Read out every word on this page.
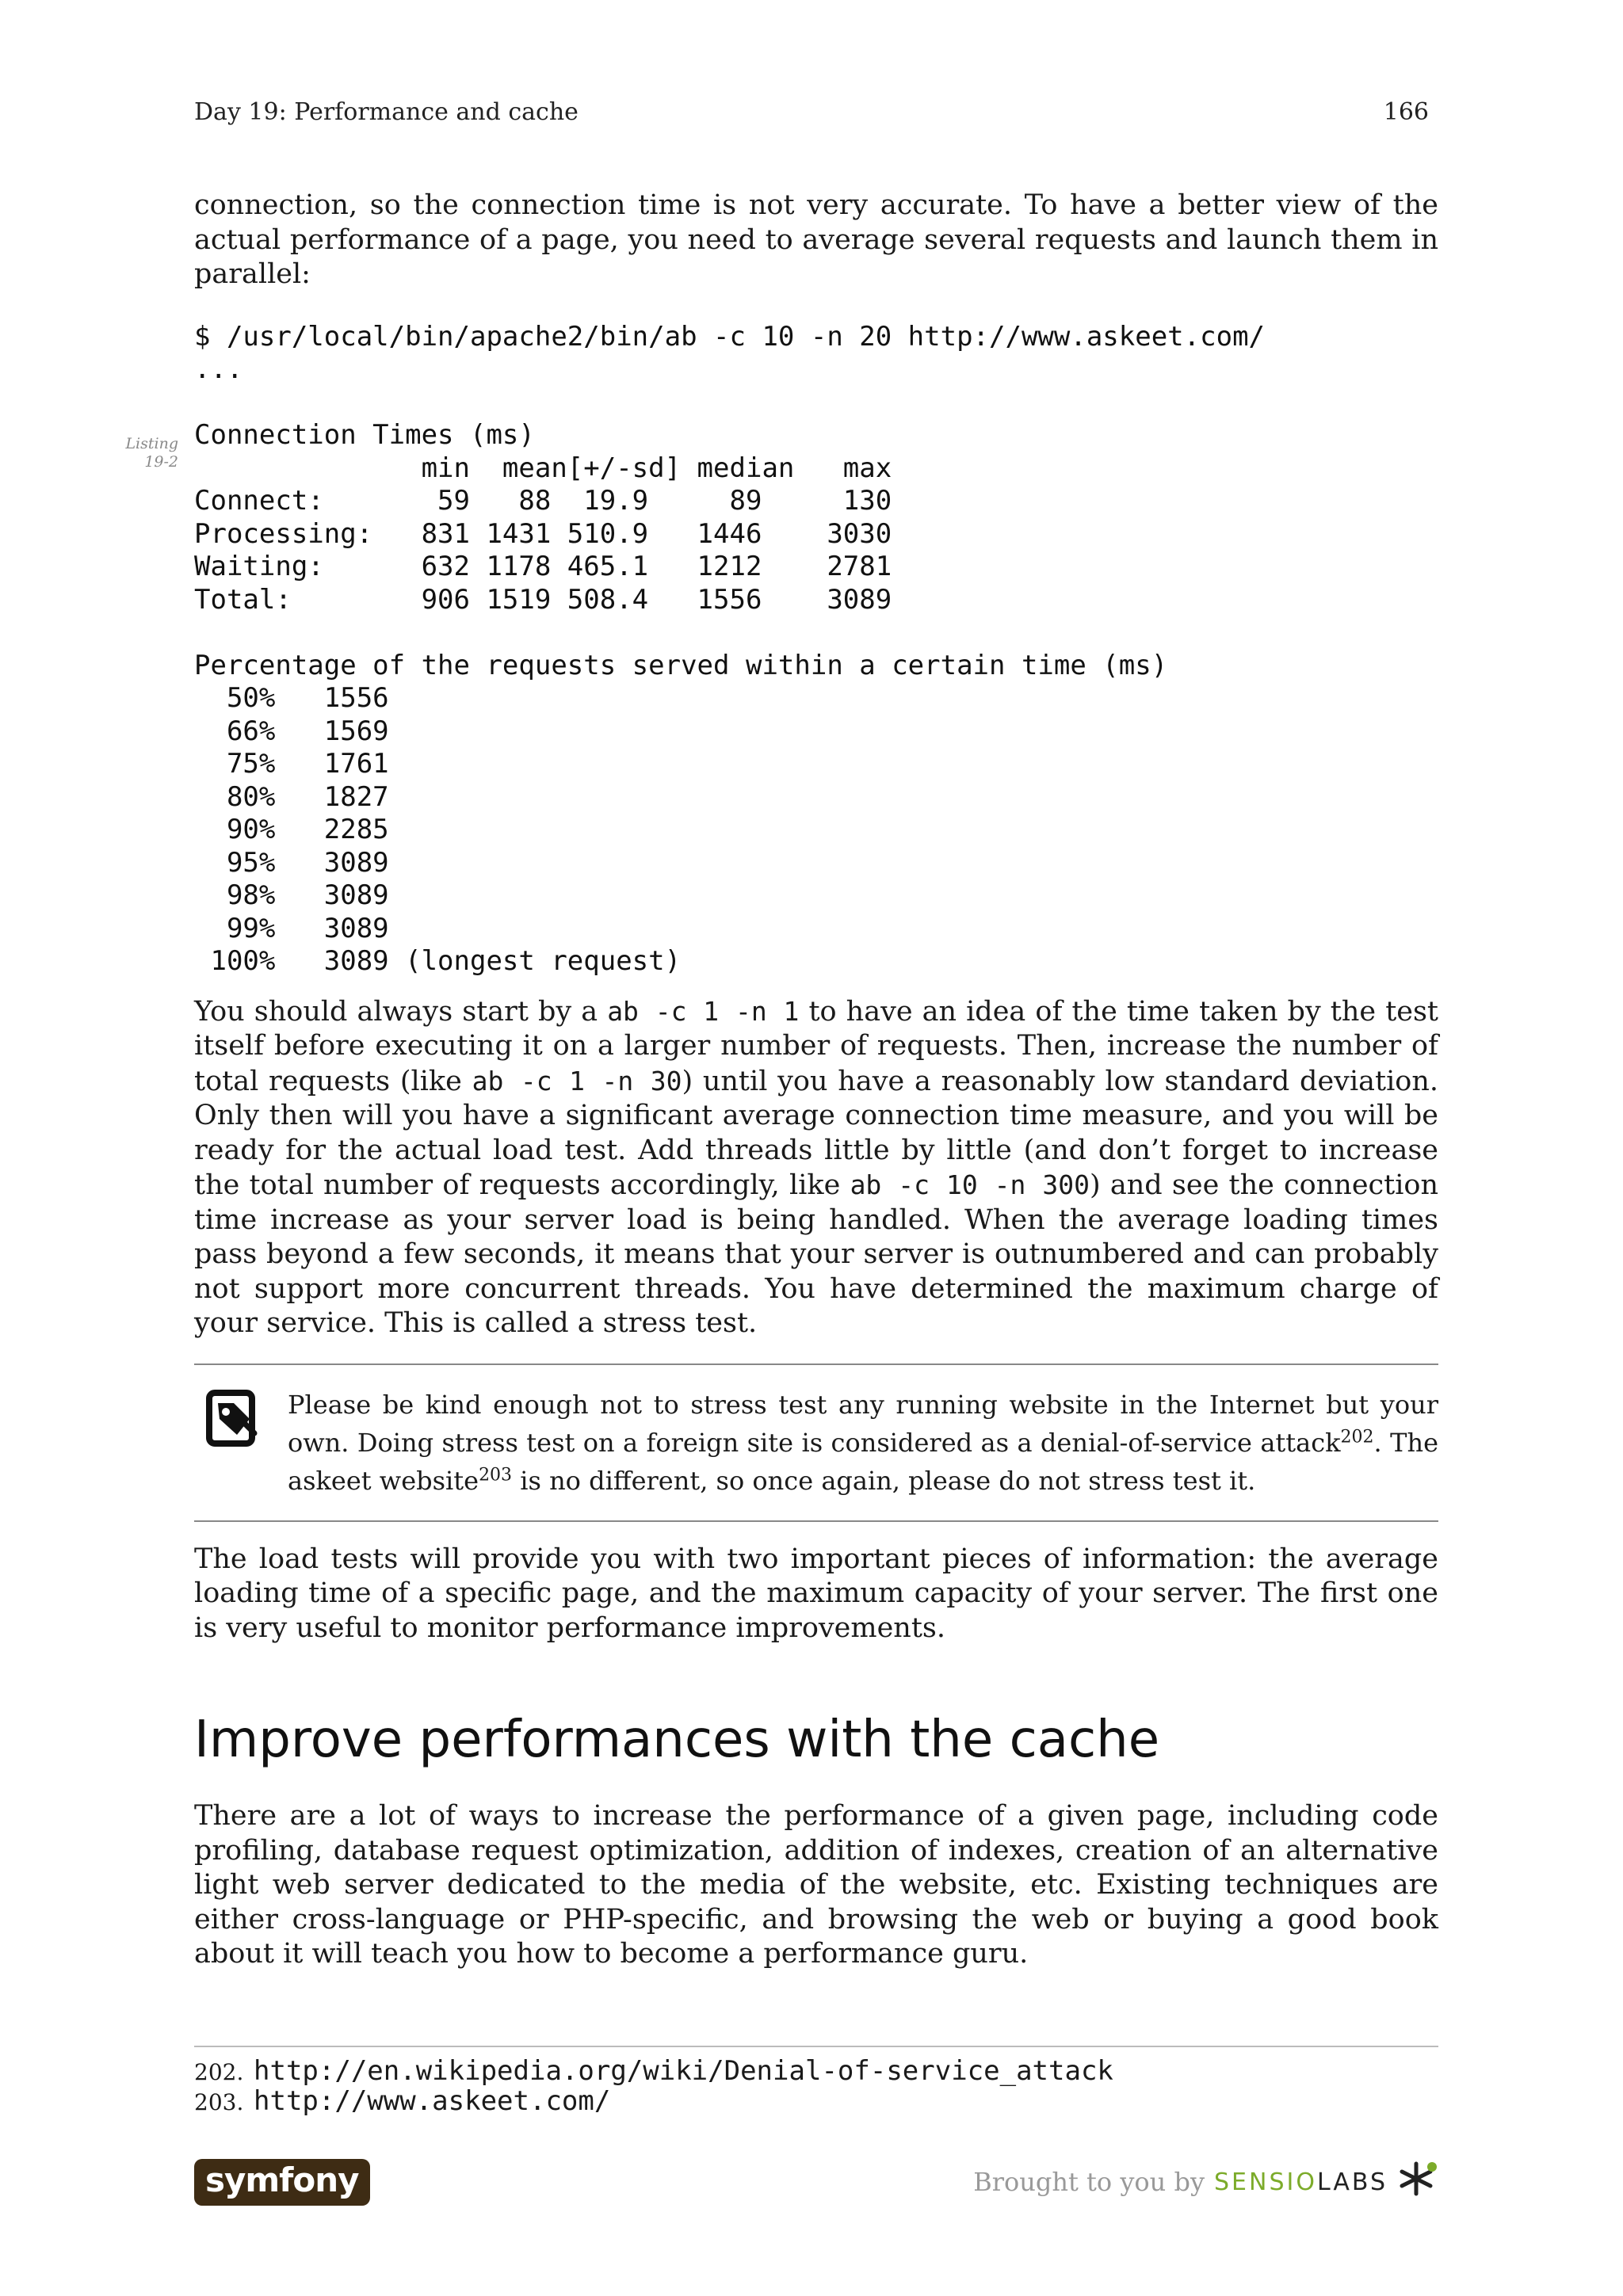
Day 19: Performance and cache	166

connection, so the connection time is not very accurate. To have a better view of the actual performance of a page, you need to average several requests and launch them in parallel:

Listing
19-2
$ /usr/local/bin/apache2/bin/ab -c 10 -n 20 http://www.askeet.com/
...

Connection Times (ms)
min  mean[+/-sd] median   max
Connect:       59   88  19.9     89     130
Processing:   831 1431 510.9   1446    3030
Waiting:      632 1178 465.1   1212    2781
Total:        906 1519 508.4   1556    3089

Percentage of the requests served within a certain time (ms)
50%   1556
66%   1569
75%   1761
80%   1827
90%   2285
95%   3089
98%   3089
99%   3089
100%   3089 (longest request)

You should always start by a ab -c 1 -n 1 to have an idea of the time taken by the test itself before executing it on a larger number of requests. Then, increase the number of total requests (like ab -c 1 -n 30) until you have a reasonably low standard deviation. Only then will you have a significant average connection time measure, and you will be ready for the actual load test. Add threads little by little (and don’t forget to increase the total number of requests accordingly, like ab -c 10 -n 300) and see the connection time increase as your server load is being handled. When the average loading times pass beyond a few seconds, it means that your server is outnumbered and can probably not support more concurrent threads. You have determined the maximum charge of your service. This is called a stress test.

Please be kind enough not to stress test any running website in the Internet but your own. Doing stress test on a foreign site is considered as a denial-of-service attack$^{202}$. The askeet website$^{203}$ is no different, so once again, please do not stress test it.

The load tests will provide you with two important pieces of information: the average loading time of a specific page, and the maximum capacity of your server. The first one is very useful to monitor performance improvements.

Improve performances with the cache

There are a lot of ways to increase the performance of a given page, including code profiling, database request optimization, addition of indexes, creation of an alternative light web server dedicated to the media of the website, etc. Existing techniques are either cross-language or PHP-specific, and browsing the web or buying a good book about it will teach you how to become a performance guru.

202. http://en.wikipedia.org/wiki/Denial-of-service_attack
203. http://www.askeet.com/
symfony	Brought to you by SENSIO LABS
